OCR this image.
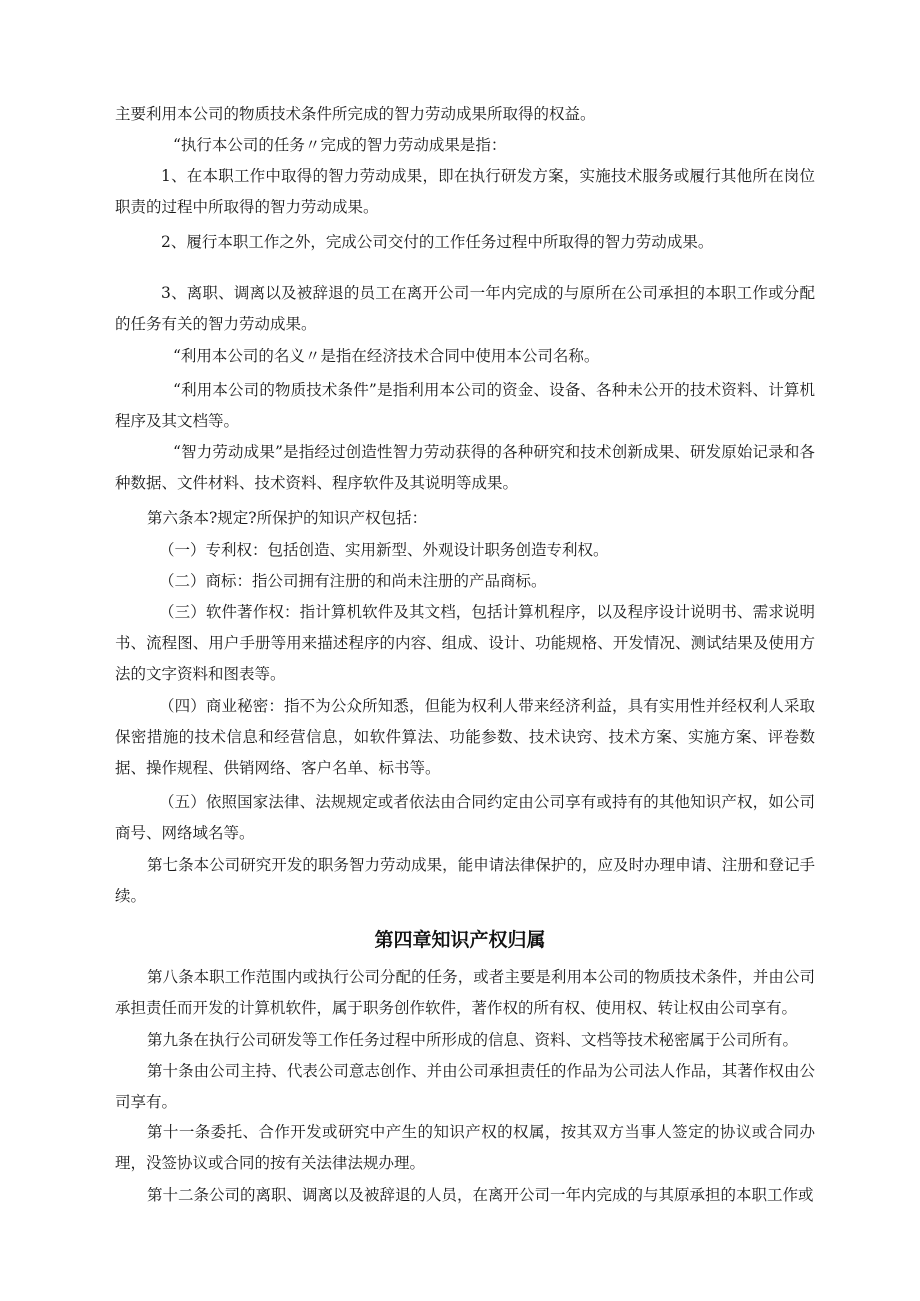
主要利用本公司的物质技术条件所完成的智力劳动成果所取得的权益。
“执行本公司的任务〃完成的智力劳动成果是指：
1、在本职工作中取得的智力劳动成果，即在执行研发方案，实施技术服务或履行其他所在岗位职责的过程中所取得的智力劳动成果。
2、履行本职工作之外，完成公司交付的工作任务过程中所取得的智力劳动成果。
3、离职、调离以及被辞退的员工在离开公司一年内完成的与原所在公司承担的本职工作或分配的任务有关的智力劳动成果。
“利用本公司的名义〃是指在经济技术合同中使用本公司名称。
“利用本公司的物质技术条件”是指利用本公司的资金、设备、各种未公开的技术资料、计算机程序及其文档等。
“智力劳动成果”是指经过创造性智力劳动获得的各种研究和技术创新成果、研发原始记录和各种数据、文件材料、技术资料、程序软件及其说明等成果。
第六条本?规定?所保护的知识产权包括：
（一）专利权：包括创造、实用新型、外观设计职务创造专利权。
（二）商标：指公司拥有注册的和尚未注册的产品商标。
（三）软件著作权：指计算机软件及其文档，包括计算机程序，以及程序设计说明书、需求说明书、流程图、用户手册等用来描述程序的内容、组成、设计、功能规格、开发情况、测试结果及使用方法的文字资料和图表等。
（四）商业秘密：指不为公众所知悉，但能为权利人带来经济利益，具有实用性并经权利人采取保密措施的技术信息和经营信息，如软件算法、功能参数、技术诀窍、技术方案、实施方案、评卷数据、操作规程、供销网络、客户名单、标书等。
（五）依照国家法律、法规规定或者依法由合同约定由公司享有或持有的其他知识产权，如公司商号、网络域名等。
第七条本公司研究开发的职务智力劳动成果，能申请法律保护的，应及时办理申请、注册和登记手续。
第四章知识产权归属
第八条本职工作范围内或执行公司分配的任务，或者主要是利用本公司的物质技术条件，并由公司承担责任而开发的计算机软件，属于职务创作软件，著作权的所有权、使用权、转让权由公司享有。
第九条在执行公司研发等工作任务过程中所形成的信息、资料、文档等技术秘密属于公司所有。
第十条由公司主持、代表公司意志创作、并由公司承担责任的作品为公司法人作品，其著作权由公司享有。
第十一条委托、合作开发或研究中产生的知识产权的权属，按其双方当事人签定的协议或合同办理，没签协议或合同的按有关法律法规办理。
第十二条公司的离职、调离以及被辞退的人员，在离开公司一年内完成的与其原承担的本职工作或
